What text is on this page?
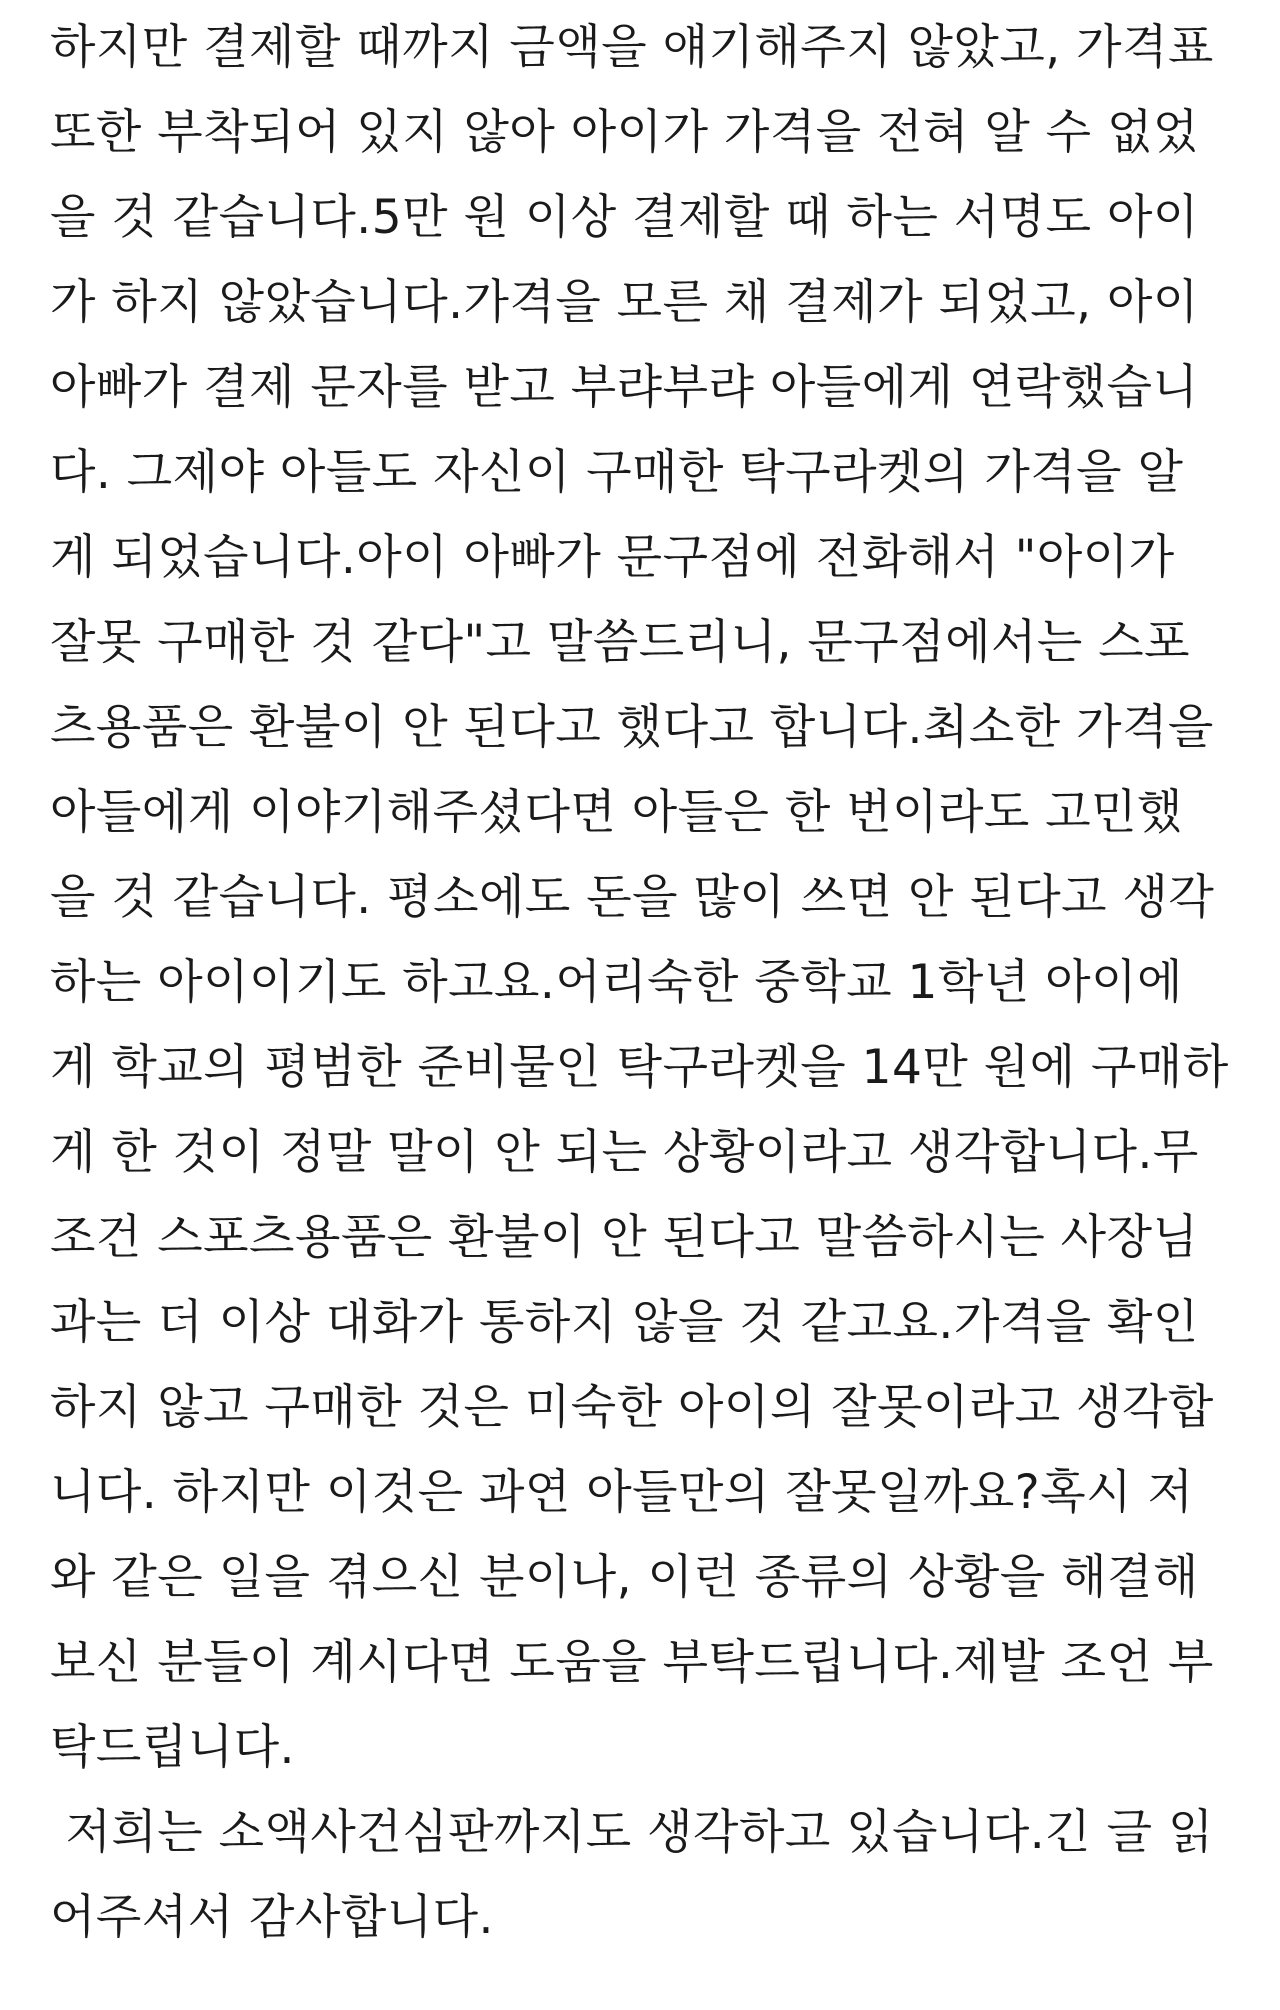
하지만 결제할 때까지 금액을 얘기해주지 않았고, 가격표
또한 부착되어 있지 않아 아이가 가격을 전혀 알 수 없었
을 것 같습니다.5만 원 이상 결제할 때 하는 서명도 아이
가 하지 않았습니다.가격을 모른 채 결제가 되었고, 아이
아빠가 결제 문자를 받고 부랴부랴 아들에게 연락했습니
다. 그제야 아들도 자신이 구매한 탁구라켓의 가격을 알
게 되었습니다.아이 아빠가 문구점에 전화해서 "아이가
잘못 구매한 것 같다"고 말씀드리니, 문구점에서는 스포
츠용품은 환불이 안 된다고 했다고 합니다.최소한 가격을
아들에게 이야기해주셨다면 아들은 한 번이라도 고민했
을 것 같습니다. 평소에도 돈을 많이 쓰면 안 된다고 생각
하는 아이이기도 하고요.어리숙한 중학교 1학년 아이에
게 학교의 평범한 준비물인 탁구라켓을 14만 원에 구매하
게 한 것이 정말 말이 안 되는 상황이라고 생각합니다.무
조건 스포츠용품은 환불이 안 된다고 말씀하시는 사장님
과는 더 이상 대화가 통하지 않을 것 같고요.가격을 확인
하지 않고 구매한 것은 미숙한 아이의 잘못이라고 생각합
니다. 하지만 이것은 과연 아들만의 잘못일까요?혹시 저
와 같은 일을 겪으신 분이나, 이런 종류의 상황을 해결해
보신 분들이 계시다면 도움을 부탁드립니다.제발 조언 부
탁드립니다.
저희는 소액사건심판까지도 생각하고 있습니다.긴 글 읽
어주셔서 감사합니다.
